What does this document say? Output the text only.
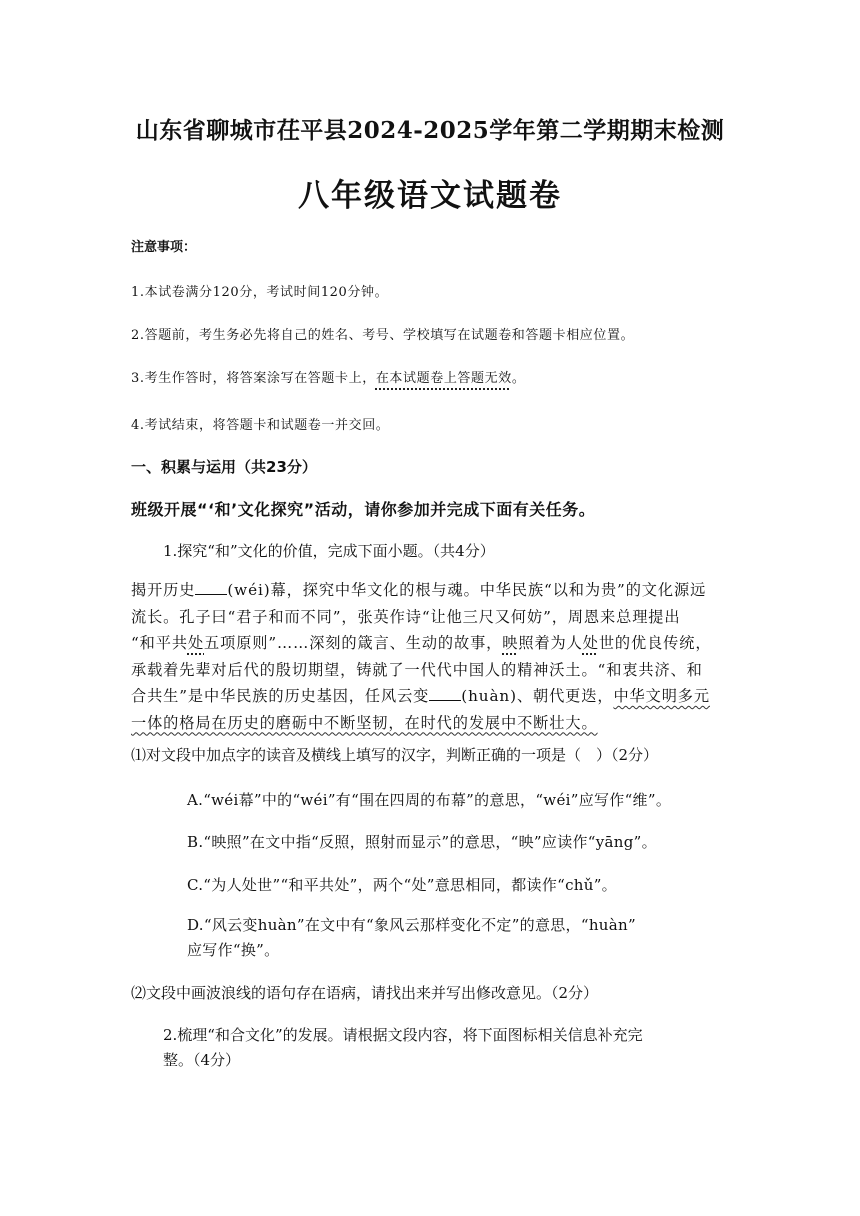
山东省聊城市茌平县2024-2025学年第二学期期末检测
八年级语文试题卷
注意事项：
1.本试卷满分120分，考试时间120分钟。
2.答题前，考生务必先将自己的姓名、考号、学校填写在试题卷和答题卡相应位置。
3.考生作答时，将答案涂写在答题卡上，在本试题卷上答题无效。
4.考试结束，将答题卡和试题卷一并交回。
一、积累与运用（共23分）
班级开展“‘和’文化探究”活动，请你参加并完成下面有关任务。
1.探究“和”文化的价值，完成下面小题。（共4分）
揭开历史 (wéi)幕，探究中华文化的根与魂。中华民族“以和为贵”的文化源远
流长。孔子曰“君子和而不同”，张英作诗“让他三尺又何妨”，周恩来总理提出
“和平共处五项原则”……深刻的箴言、生动的故事，映照着为人处世的优良传统，
承载着先辈对后代的殷切期望，铸就了一代代中国人的精神沃土。“和衷共济、和
合共生”是中华民族的历史基因，任风云变 (huàn)、朝代更迭，中华文明多元
一体的格局在历史的磨砺中不断坚韧，在时代的发展中不断壮大。
⑴对文段中加点字的读音及横线上填写的汉字，判断正确的一项是（　）（2分）
A.“wéi幕”中的“wéi”有“围在四周的布幕”的意思，“wéi”应写作“维”。
B.“映照”在文中指“反照，照射而显示”的意思，“映”应读作“yāng”。
C.“为人处世”“和平共处”，两个“处”意思相同，都读作“chǔ”。
D.“风云变huàn”在文中有“象风云那样变化不定”的意思，“huàn”
应写作“换”。
⑵文段中画波浪线的语句存在语病，请找出来并写出修改意见。（2分）
2.梳理“和合文化”的发展。请根据文段内容，将下面图标相关信息补充完
整。（4分）
